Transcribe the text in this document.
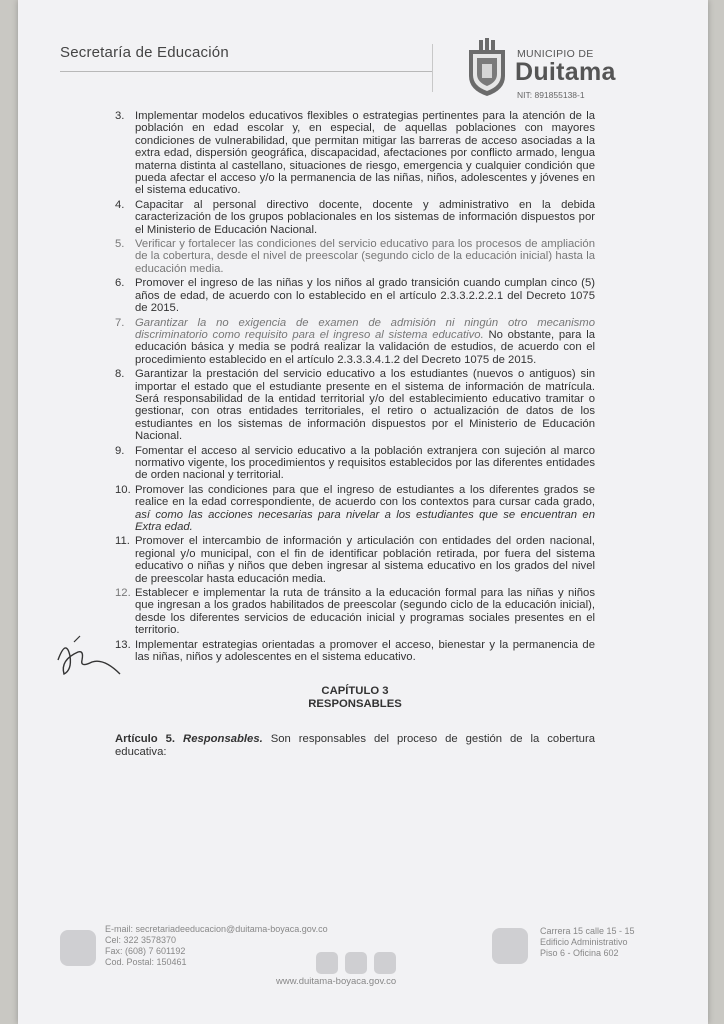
Secretaría de Educación	MUNICIPIO DE
Duitama
NIT: 891855138-1
3. Implementar modelos educativos flexibles o estrategias pertinentes para la atención de la población en edad escolar y, en especial, de aquellas poblaciones con mayores condiciones de vulnerabilidad, que permitan mitigar las barreras de acceso asociadas a la extra edad, dispersión geográfica, discapacidad, afectaciones por conflicto armado, lengua materna distinta al castellano, situaciones de riesgo, emergencia y cualquier condición que pueda afectar el acceso y/o la permanencia de las niñas, niños, adolescentes y jóvenes en el sistema educativo.
4. Capacitar al personal directivo docente, docente y administrativo en la debida caracterización de los grupos poblacionales en los sistemas de información dispuestos por el Ministerio de Educación Nacional.
5. Verificar y fortalecer las condiciones del servicio educativo para los procesos de ampliación de la cobertura, desde el nivel de preescolar (segundo ciclo de la educación inicial) hasta la educación media.
6. Promover el ingreso de las niñas y los niños al grado transición cuando cumplan cinco (5) años de edad, de acuerdo con lo establecido en el artículo 2.3.3.2.2.2.1 del Decreto 1075 de 2015.
7. Garantizar la no exigencia de examen de admisión ni ningún otro mecanismo discriminatorio como requisito para el ingreso al sistema educativo. No obstante, para la educación básica y media se podrá realizar la validación de estudios, de acuerdo con el procedimiento establecido en el artículo 2.3.3.3.4.1.2 del Decreto 1075 de 2015.
8. Garantizar la prestación del servicio educativo a los estudiantes (nuevos o antiguos) sin importar el estado que el estudiante presente en el sistema de información de matrícula. Será responsabilidad de la entidad territorial y/o del establecimiento educativo tramitar o gestionar, con otras entidades territoriales, el retiro o actualización de datos de los estudiantes en los sistemas de información dispuestos por el Ministerio de Educación Nacional.
9. Fomentar el acceso al servicio educativo a la población extranjera con sujeción al marco normativo vigente, los procedimientos y requisitos establecidos por las diferentes entidades de orden nacional y territorial.
10. Promover las condiciones para que el ingreso de estudiantes a los diferentes grados se realice en la edad correspondiente, de acuerdo con los contextos para cursar cada grado, así como las acciones necesarias para nivelar a los estudiantes que se encuentran en Extra edad.
11. Promover el intercambio de información y articulación con entidades del orden nacional, regional y/o municipal, con el fin de identificar población retirada, por fuera del sistema educativo o niñas y niños que deben ingresar al sistema educativo en los grados del nivel de preescolar hasta educación media.
12. Establecer e implementar la ruta de tránsito a la educación formal para las niñas y niños que ingresan a los grados habilitados de preescolar (segundo ciclo de la educación inicial), desde los diferentes servicios de educación inicial y programas sociales presentes en el territorio.
13. Implementar estrategias orientadas a promover el acceso, bienestar y la permanencia de las niñas, niños y adolescentes en el sistema educativo.
CAPÍTULO 3
RESPONSABLES
Artículo 5. Responsables. Son responsables del proceso de gestión de la cobertura educativa:
E-mail: secretariadeeducacion@duitama-boyaca.gov.co
Cel: 322 3578370
Fax: (608) 7 601192
Cod. Postal: 150461
www.duitama-boyaca.gov.co
Carrera 15 calle 15 - 15
Edificio Administrativo
Piso 6 - Oficina 602
